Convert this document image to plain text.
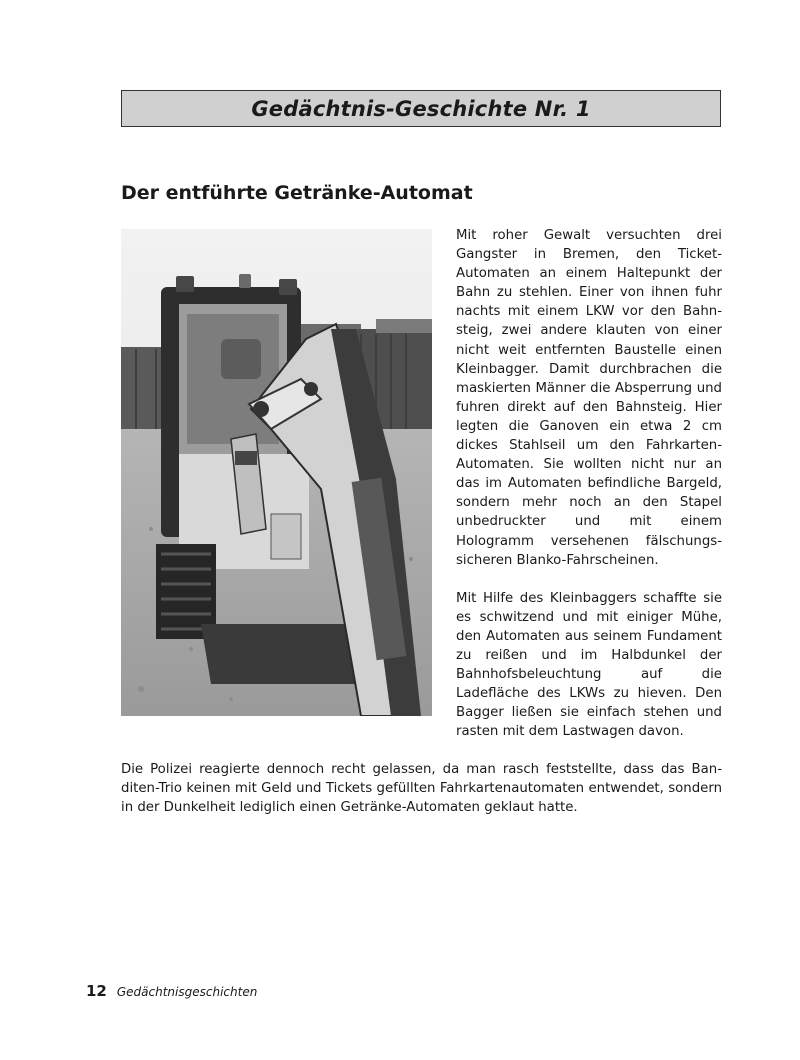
Gedächtnis-Geschichte Nr. 1
Der entführte Getränke-Automat

Mit roher Gewalt versuchten drei Gangster in Bremen, den Ticket-Automaten an einem Haltepunkt der Bahn zu stehlen. Einer von ihnen fuhr nachts mit einem LKW vor den Bahnsteig, zwei andere klauten von einer nicht weit entfernten Baustelle einen Kleinbagger. Damit durchbrachen die maskierten Männer die Absperrung und fuhren direkt auf den Bahnsteig. Hier legten die Ganoven ein etwa 2 cm dickes Stahlseil um den Fahrkarten-Automaten. Sie wollten nicht nur an das im Automaten befindliche Bargeld, sondern mehr noch an den Stapel unbedruckter und mit einem Hologramm versehenen fälschungssicheren Blanko-Fahrscheinen.

Mit Hilfe des Kleinbaggers schaffte sie es schwitzend und mit einiger Mühe, den Automaten aus seinem Fundament zu reißen und im Halbdunkel der Bahnhofsbeleuchtung auf die Ladefläche des LKWs zu hieven. Den Bagger ließen sie einfach stehen und rasten mit dem Lastwagen davon.

Die Polizei reagierte dennoch recht gelassen, da man rasch feststellte, dass das Banditen-Trio keinen mit Geld und Tickets gefüllten Fahrkartenautomaten entwendet, sondern in der Dunkelheit lediglich einen Getränke-Automaten geklaut hatte.

12 Gedächtnisgeschichten
